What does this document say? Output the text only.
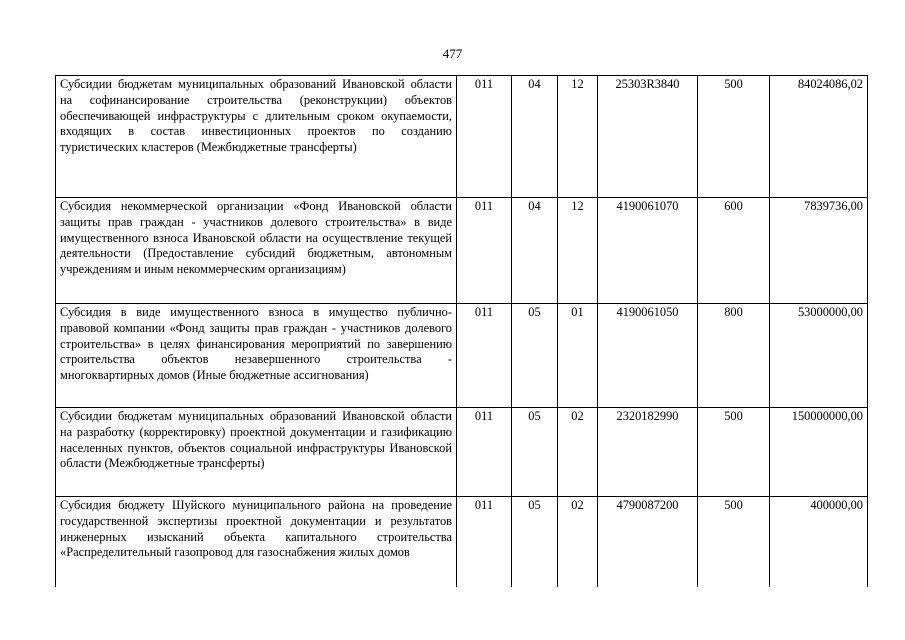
477
Субсидии бюджетам муниципальных образований Ивановской области на софинансирование строительства (реконструкции) объектов обеспечивающей инфраструктуры с длительным сроком окупаемости, входящих в состав инвестиционных проектов по созданию туристических кластеров (Межбюджетные трансферты)	011	04	12	25303R3840	500	84024086,02
Субсидия некоммерческой организации «Фонд Ивановской области защиты прав граждан - участников долевого строительства» в виде имущественного взноса Ивановской области на осуществление текущей деятельности (Предоставление субсидий бюджетным, автономным учреждениям и иным некоммерческим организациям)	011	04	12	4190061070	600	7839736,00
Субсидия в виде имущественного взноса в имущество публично-правовой компании «Фонд защиты прав граждан - участников долевого строительства» в целях финансирования мероприятий по завершению строительства объектов незавершенного строительства - многоквартирных домов (Иные бюджетные ассигнования)	011	05	01	4190061050	800	53000000,00
Субсидии бюджетам муниципальных образований Ивановской области на разработку (корректировку) проектной документации и газификацию населенных пунктов, объектов социальной инфраструктуры Ивановской области (Межбюджетные трансферты)	011	05	02	2320182990	500	150000000,00
Субсидия бюджету Шуйского муниципального района на проведение государственной экспертизы проектной документации и результатов инженерных изысканий объекта капитального строительства «Распределительный газопровод для газоснабжения жилых домов	011	05	02	4790087200	500	400000,00
